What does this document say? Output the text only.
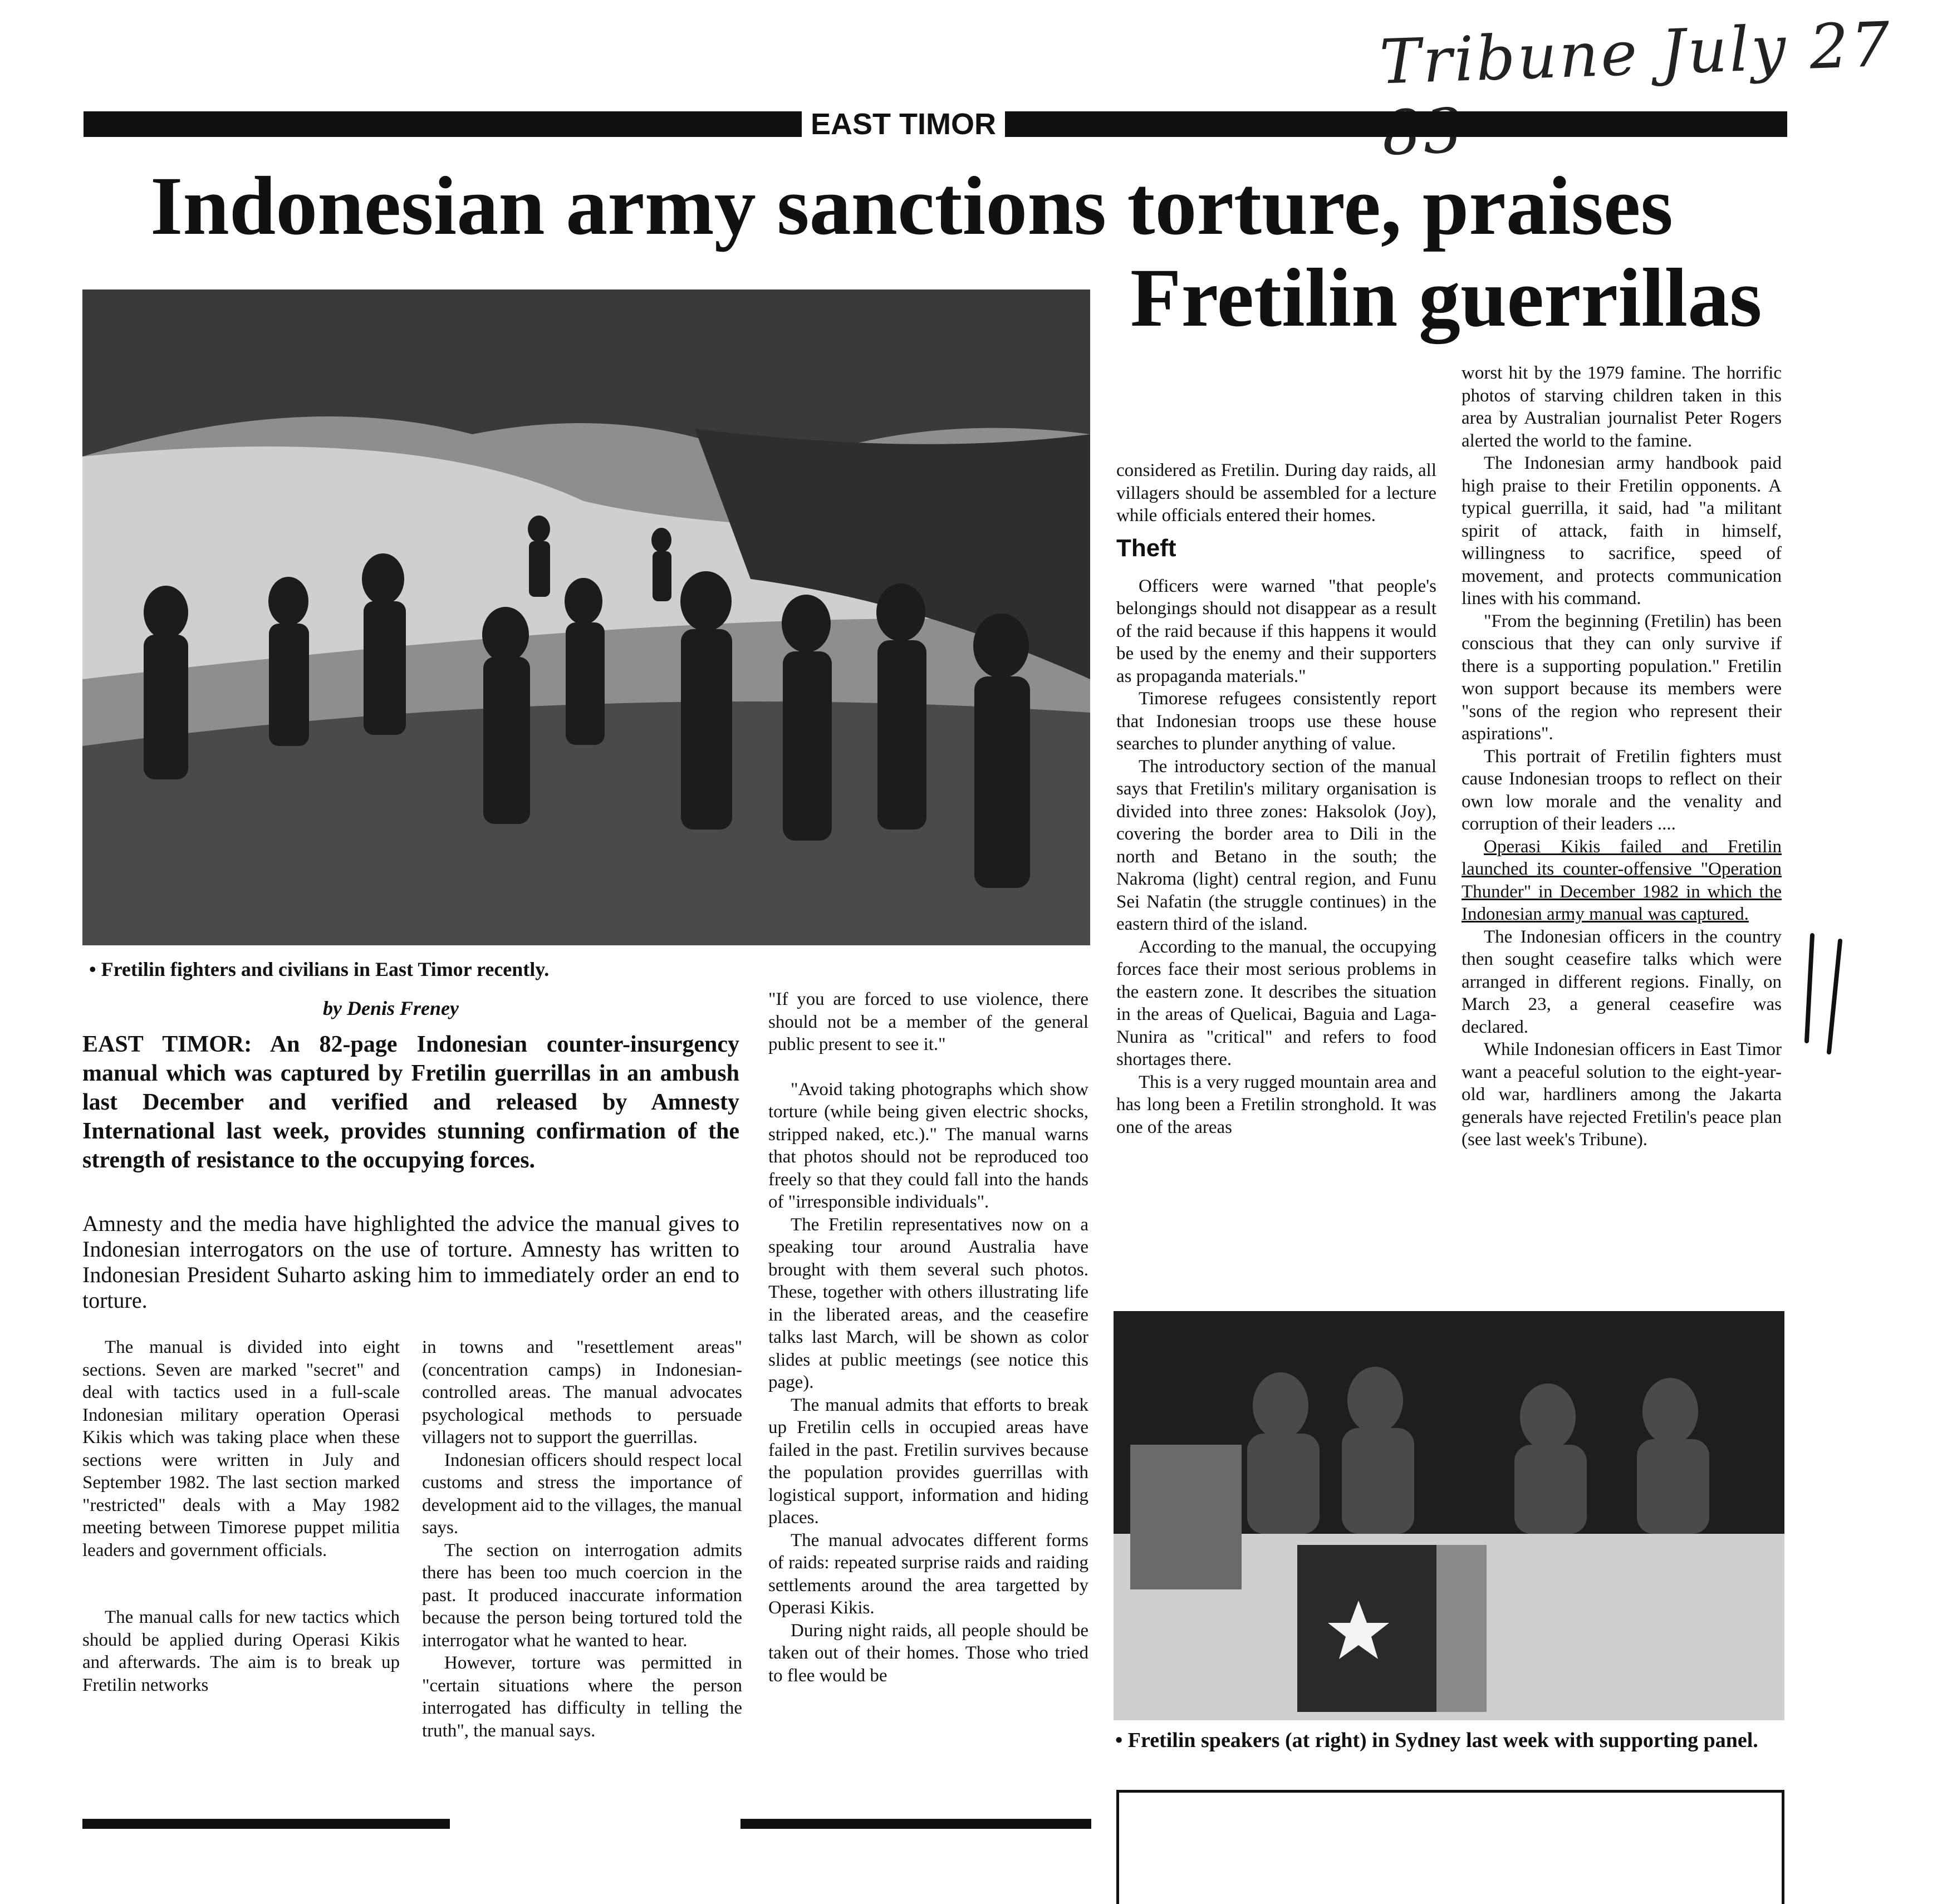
Tribune July 27
EAST TIMOR
Indonesian army sanctions torture, praises
Fretilin guerrillas
• Fretilin fighters and civilians in East Timor recently.
by Denis Freney
EAST TIMOR: An 82-page Indonesian counter-insurgency manual which was captured by Fretilin guerrillas in an ambush last December and verified and released by Amnesty International last week, provides stunning confirmation of the strength of resistance to the occupying forces.
Amnesty and the media have highlighted the advice the manual gives to Indonesian interrogators on the use of torture. Amnesty has written to Indonesian President Suharto asking him to immediately order an end to torture.

The manual is divided into eight sections. Seven are marked "secret" and deal with tactics used in a full-scale Indonesian military operation Operasi Kikis which was taking place when these sections were written in July and September 1982. The last section marked "restricted" deals with a May 1982 meeting between Timorese puppet militia leaders and government officials.

The manual calls for new tactics which should be applied during Operasi Kikis and afterwards. The aim is to break up Fretilin networks

in towns and "resettlement areas" (concentration camps) in Indonesian-controlled areas. The manual advocates psychological methods to persuade villagers not to support the guerrillas.

Indonesian officers should respect local customs and stress the importance of development aid to the villages, the manual says.

The section on interrogation admits there has been too much coercion in the past. It produced inaccurate information because the person being tortured told the interrogator what he wanted to hear.

However, torture was permitted in "certain situations where the person interrogated has difficulty in telling the truth", the manual says.

"If you are forced to use violence, there should not be a member of the general public present to see it."

"Avoid taking photographs which show torture (while being given electric shocks, stripped naked, etc.)." The manual warns that photos should not be reproduced too freely so that they could fall into the hands of "irresponsible individuals".

The Fretilin representatives now on a speaking tour around Australia have brought with them several such photos. These, together with others illustrating life in the liberated areas, and the ceasefire talks last March, will be shown as color slides at public meetings (see notice this page).

The manual admits that efforts to break up Fretilin cells in occupied areas have failed in the past. Fretilin survives because the population provides guerrillas with logistical support, information and hiding places.

The manual advocates different forms of raids: repeated surprise raids and raiding settlements around the area targetted by Operasi Kikis.

During night raids, all people should be taken out of their homes. Those who tried to flee would be

considered as Fretilin. During day raids, all villagers should be assembled for a lecture while officials entered their homes.

Theft

Officers were warned "that people's belongings should not disappear as a result of the raid because if this happens it would be used by the enemy and their supporters as propaganda materials."

Timorese refugees consistently report that Indonesian troops use these house searches to plunder anything of value.

The introductory section of the manual says that Fretilin's military organisation is divided into three zones: Haksolok (Joy), covering the border area to Dili in the north and Betano in the south; the Nakroma (light) central region, and Funu Sei Nafatin (the struggle continues) in the eastern third of the island.

According to the manual, the occupying forces face their most serious problems in the eastern zone. It describes the situation in the areas of Quelicai, Baguia and Laga-Nunira as "critical" and refers to food shortages there.

This is a very rugged mountain area and has long been a Fretilin stronghold. It was one of the areas

worst hit by the 1979 famine. The horrific photos of starving children taken in this area by Australian journalist Peter Rogers alerted the world to the famine.

The Indonesian army handbook paid high praise to their Fretilin opponents. A typical guerrilla, it said, had "a militant spirit of attack, faith in himself, willingness to sacrifice, speed of movement, and protects communication lines with his command.

"From the beginning (Fretilin) has been conscious that they can only survive if there is a supporting population." Fretilin won support because its members were "sons of the region who represent their aspirations".

This portrait of Fretilin fighters must cause Indonesian troops to reflect on their own low morale and the venality and corruption of their leaders ....

Operasi Kikis failed and Fretilin launched its counter-offensive "Operation Thunder" in December 1982 in which the Indonesian army manual was captured.

The Indonesian officers in the country then sought ceasefire talks which were arranged in different regions. Finally, on March 23, a general ceasefire was declared.

While Indonesian officers in East Timor want a peaceful solution to the eight-year-old war, hardliners among the Jakarta generals have rejected Fretilin's peace plan (see last week's Tribune).

• Fretilin speakers (at right) in Sydney last week with supporting panel.
